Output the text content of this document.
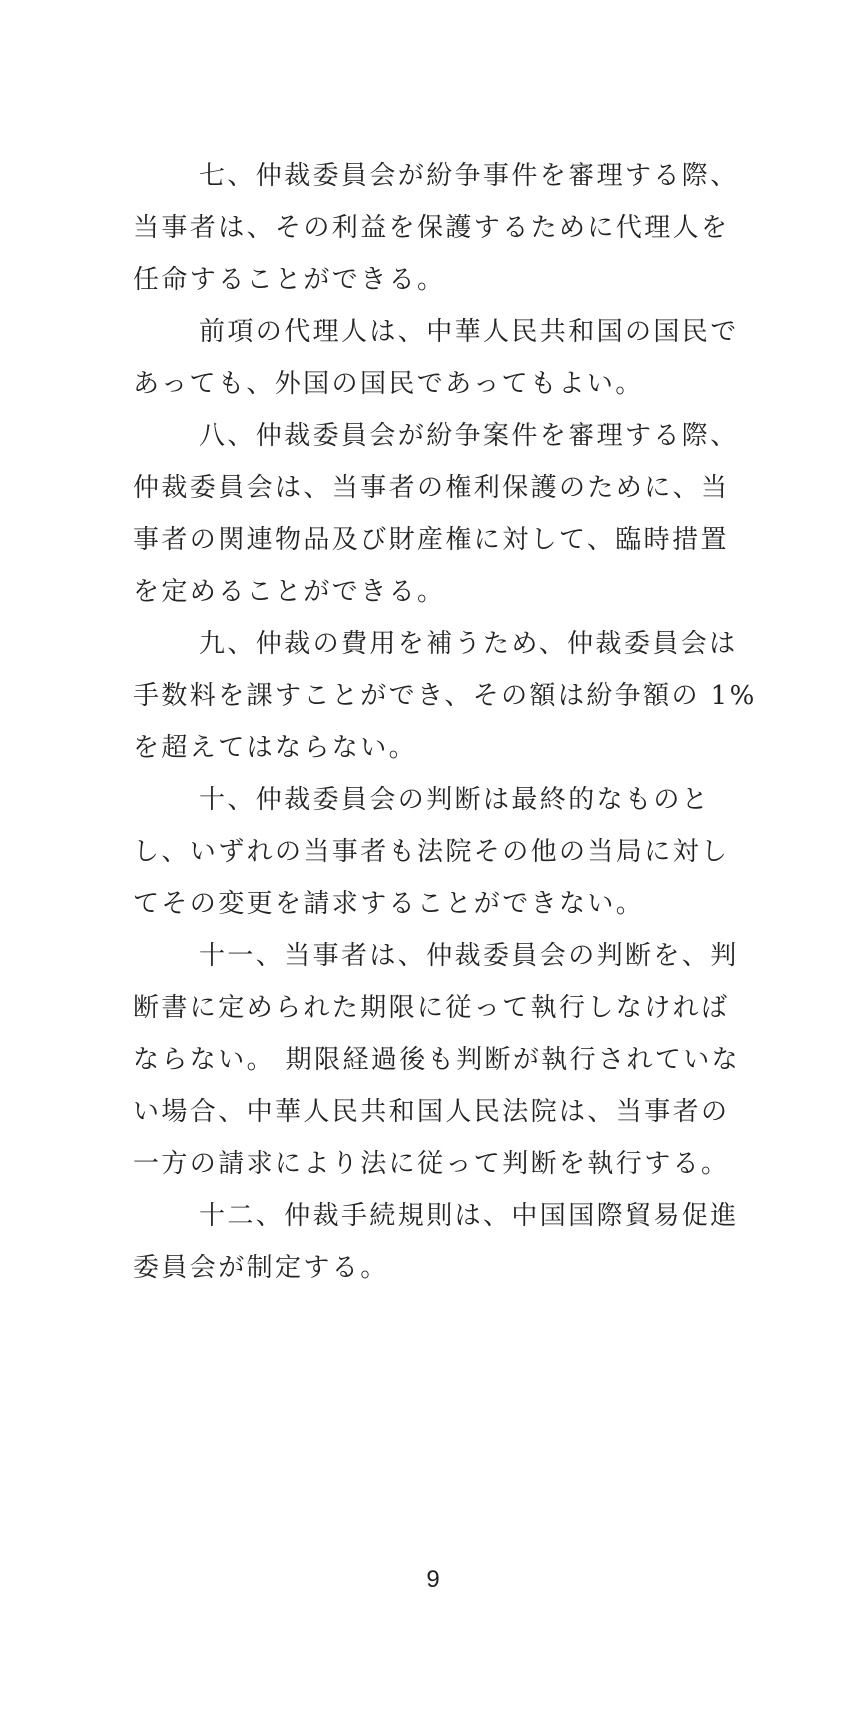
七、仲裁委員会が紛争事件を審理する際、
当事者は、その利益を保護するために代理人を
任命することができる。
前項の代理人は、中華人民共和国の国民で
あっても、外国の国民であってもよい。
八、仲裁委員会が紛争案件を審理する際、
仲裁委員会は、当事者の権利保護のために、当
事者の関連物品及び財産権に対して、臨時措置
を定めることができる。
九、仲裁の費用を補うため、仲裁委員会は
手数料を課すことができ、その額は紛争額の 1%
を超えてはならない。
十、仲裁委員会の判断は最終的なものと
し、いずれの当事者も法院その他の当局に対し
てその変更を請求することができない。
十一、当事者は、仲裁委員会の判断を、判
断書に定められた期限に従って執行しなければ
ならない。 期限経過後も判断が執行されていな
い場合、中華人民共和国人民法院は、当事者の
一方の請求により法に従って判断を執行する。
十二、仲裁手続規則は、中国国際貿易促進
委員会が制定する。
9
